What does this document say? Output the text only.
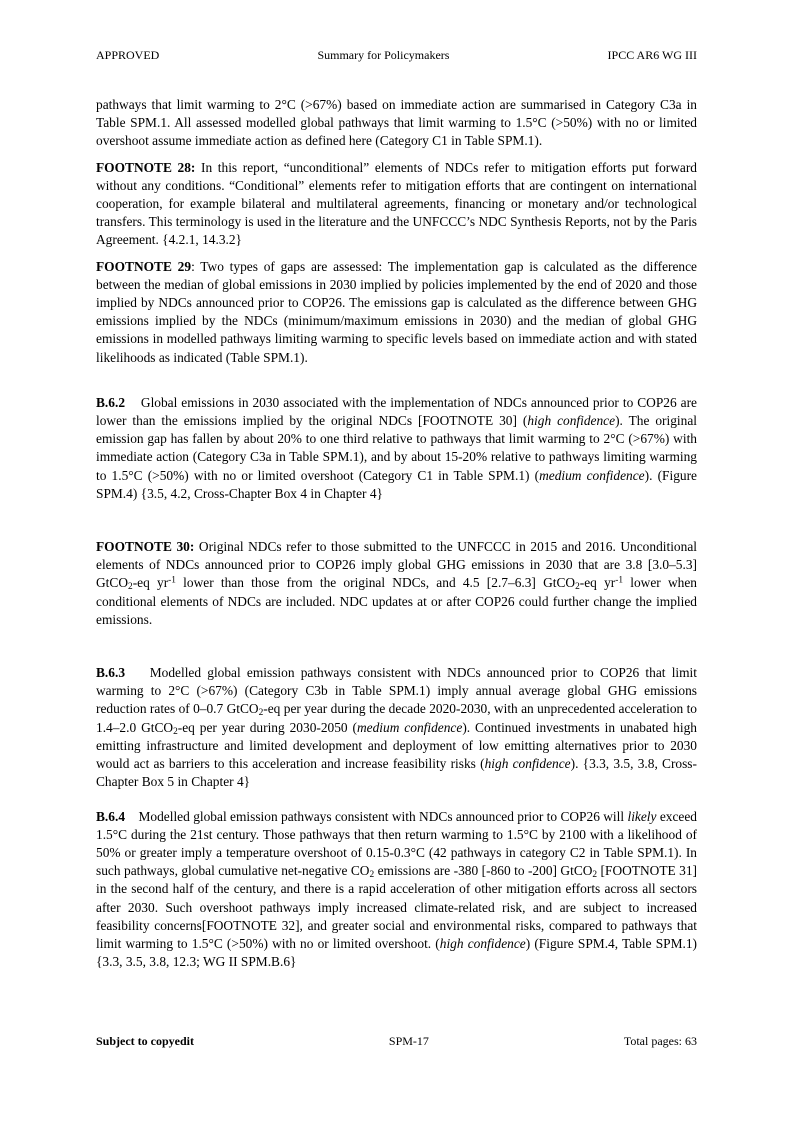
APPROVED	Summary for Policymakers	IPCC AR6 WG III

pathways that limit warming to 2°C (>67%) based on immediate action are summarised in Category C3a in Table SPM.1. All assessed modelled global pathways that limit warming to 1.5°C (>50%) with no or limited overshoot assume immediate action as defined here (Category C1 in Table SPM.1).

FOOTNOTE 28: In this report, “unconditional” elements of NDCs refer to mitigation efforts put forward without any conditions. “Conditional” elements refer to mitigation efforts that are contingent on international cooperation, for example bilateral and multilateral agreements, financing or monetary and/or technological transfers. This terminology is used in the literature and the UNFCCC’s NDC Synthesis Reports, not by the Paris Agreement. {4.2.1, 14.3.2}

FOOTNOTE 29: Two types of gaps are assessed: The implementation gap is calculated as the difference between the median of global emissions in 2030 implied by policies implemented by the end of 2020 and those implied by NDCs announced prior to COP26. The emissions gap is calculated as the difference between GHG emissions implied by the NDCs (minimum/maximum emissions in 2030) and the median of global GHG emissions in modelled pathways limiting warming to specific levels based on immediate action and with stated likelihoods as indicated (Table SPM.1).

B.6.2    Global emissions in 2030 associated with the implementation of NDCs announced prior to COP26 are lower than the emissions implied by the original NDCs [FOOTNOTE 30] (high confidence). The original emission gap has fallen by about 20% to one third relative to pathways that limit warming to 2°C (>67%) with immediate action (Category C3a in Table SPM.1), and by about 15-20% relative to pathways limiting warming to 1.5°C (>50%) with no or limited overshoot (Category C1 in Table SPM.1) (medium confidence). (Figure SPM.4) {3.5, 4.2, Cross-Chapter Box 4 in Chapter 4}

FOOTNOTE 30: Original NDCs refer to those submitted to the UNFCCC in 2015 and 2016. Unconditional elements of NDCs announced prior to COP26 imply global GHG emissions in 2030 that are 3.8 [3.0–5.3] GtCO$_2$-eq $yr^{-1}$ lower than those from the original NDCs, and 4.5 [2.7–6.3] GtCO$_2$-eq $yr^{-1}$ lower when conditional elements of NDCs are included. NDC updates at or after COP26 could further change the implied emissions.

B.6.3    Modelled global emission pathways consistent with NDCs announced prior to COP26 that limit warming to 2°C (>67%) (Category C3b in Table SPM.1) imply annual average global GHG emissions reduction rates of 0–0.7 GtCO$_2$-eq per year during the decade 2020-2030, with an unprecedented acceleration to 1.4–2.0 GtCO$_2$-eq per year during 2030-2050 (medium confidence). Continued investments in unabated high emitting infrastructure and limited development and deployment of low emitting alternatives prior to 2030 would act as barriers to this acceleration and increase feasibility risks (high confidence). {3.3, 3.5, 3.8, Cross-Chapter Box 5 in Chapter 4}

B.6.4    Modelled global emission pathways consistent with NDCs announced prior to COP26 will likely exceed 1.5°C during the 21st century. Those pathways that then return warming to 1.5°C by 2100 with a likelihood of 50% or greater imply a temperature overshoot of 0.15-0.3°C (42 pathways in category C2 in Table SPM.1). In such pathways, global cumulative net-negative $CO_2$ emissions are -380 [-860 to -200] GtCO$_2$ [FOOTNOTE 31] in the second half of the century, and there is a rapid acceleration of other mitigation efforts across all sectors after 2030. Such overshoot pathways imply increased climate-related risk, and are subject to increased feasibility concerns[FOOTNOTE 32], and greater social and environmental risks, compared to pathways that limit warming to 1.5°C (>50%) with no or limited overshoot. (high confidence) (Figure SPM.4, Table SPM.1) {3.3, 3.5, 3.8, 12.3; WG II SPM.B.6}

Subject to copyedit	SPM-17	Total pages: 63
